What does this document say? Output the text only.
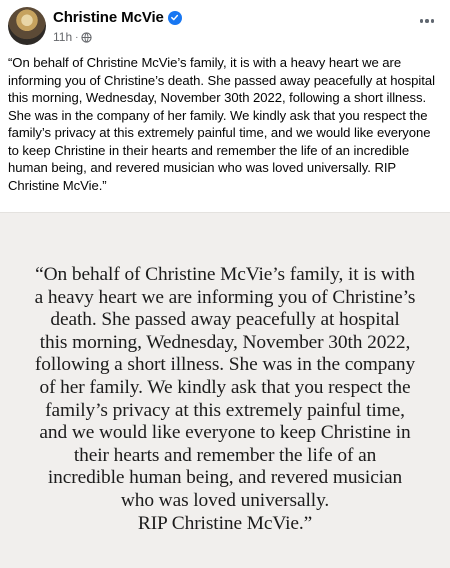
Christine McVie
11h ·
“On behalf of Christine McVie’s family, it is with a heavy heart we are informing you of Christine’s death. She passed away peacefully at hospital this morning, Wednesday, November 30th 2022, following a short illness. She was in the company of her family. We kindly ask that you respect the family’s privacy at this extremely painful time, and we would like everyone to keep Christine in their hearts and remember the life of an incredible human being, and revered musician who was loved universally. RIP Christine McVie.”
“On behalf of Christine McVie’s family, it is with
a heavy heart we are informing you of Christine’s
death. She passed away peacefully at hospital
this morning, Wednesday, November 30th 2022,
following a short illness. She was in the company
of her family. We kindly ask that you respect the
family’s privacy at this extremely painful time,
and we would like everyone to keep Christine in
their hearts and remember the life of an
incredible human being, and revered musician
who was loved universally.
RIP Christine McVie.”
